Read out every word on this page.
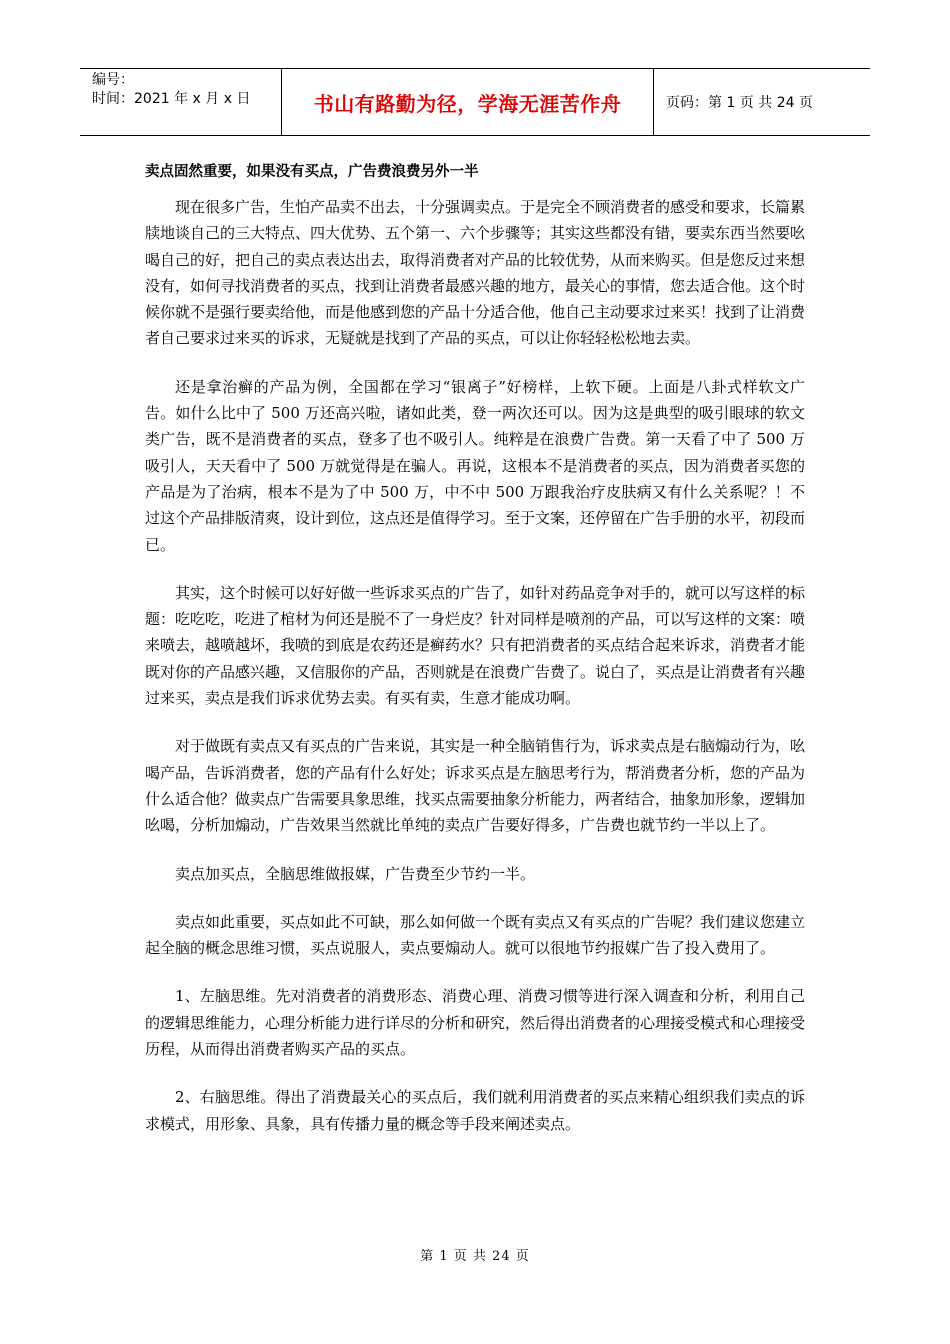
编号：
时间：2021 年 x 月 x 日	书山有路勤为径，学海无涯苦作舟	页码：第 1 页 共 24 页
卖点固然重要，如果没有买点，广告费浪费另外一半

现在很多广告，生怕产品卖不出去，十分强调卖点。于是完全不顾消费者的感受和要求，长篇累牍地谈自己的三大特点、四大优势、五个第一、六个步骤等；其实这些都没有错，要卖东西当然要吆喝自己的好，把自己的卖点表达出去，取得消费者对产品的比较优势，从而来购买。但是您反过来想没有，如何寻找消费者的买点，找到让消费者最感兴趣的地方，最关心的事情，您去适合他。这个时候你就不是强行要卖给他，而是他感到您的产品十分适合他，他自己主动要求过来买！找到了让消费者自己要求过来买的诉求，无疑就是找到了产品的买点，可以让你轻轻松松地去卖。

还是拿治癣的产品为例，全国都在学习“银离子”好榜样，上软下硬。上面是八卦式样软文广告。如什么比中了 500 万还高兴啦，诸如此类，登一两次还可以。因为这是典型的吸引眼球的软文类广告，既不是消费者的买点，登多了也不吸引人。纯粹是在浪费广告费。第一天看了中了 500 万吸引人，天天看中了 500 万就觉得是在骗人。再说，这根本不是消费者的买点，因为消费者买您的产品是为了治病，根本不是为了中 500 万，中不中 500 万跟我治疗皮肤病又有什么关系呢？！不过这个产品排版清爽，设计到位，这点还是值得学习。至于文案，还停留在广告手册的水平，初段而已。

其实，这个时候可以好好做一些诉求买点的广告了，如针对药品竞争对手的，就可以写这样的标题：吃吃吃，吃进了棺材为何还是脱不了一身烂皮？针对同样是喷剂的产品，可以写这样的文案：喷来喷去，越喷越坏，我喷的到底是农药还是癣药水？只有把消费者的买点结合起来诉求，消费者才能既对你的产品感兴趣，又信服你的产品，否则就是在浪费广告费了。说白了，买点是让消费者有兴趣过来买，卖点是我们诉求优势去卖。有买有卖，生意才能成功啊。

对于做既有卖点又有买点的广告来说，其实是一种全脑销售行为，诉求卖点是右脑煽动行为，吆喝产品，告诉消费者，您的产品有什么好处；诉求买点是左脑思考行为，帮消费者分析，您的产品为什么适合他？做卖点广告需要具象思维，找买点需要抽象分析能力，两者结合，抽象加形象，逻辑加吆喝，分析加煽动，广告效果当然就比单纯的卖点广告要好得多，广告费也就节约一半以上了。

卖点加买点，全脑思维做报媒，广告费至少节约一半。

卖点如此重要，买点如此不可缺，那么如何做一个既有卖点又有买点的广告呢？我们建议您建立起全脑的概念思维习惯，买点说服人，卖点要煽动人。就可以很地节约报媒广告了投入费用了。

1、左脑思维。先对消费者的消费形态、消费心理、消费习惯等进行深入调查和分析，利用自己的逻辑思维能力，心理分析能力进行详尽的分析和研究，然后得出消费者的心理接受模式和心理接受历程，从而得出消费者购买产品的买点。

2、右脑思维。得出了消费最关心的买点后，我们就利用消费者的买点来精心组织我们卖点的诉求模式，用形象、具象，具有传播力量的概念等手段来阐述卖点。

第 1 页 共 24 页
